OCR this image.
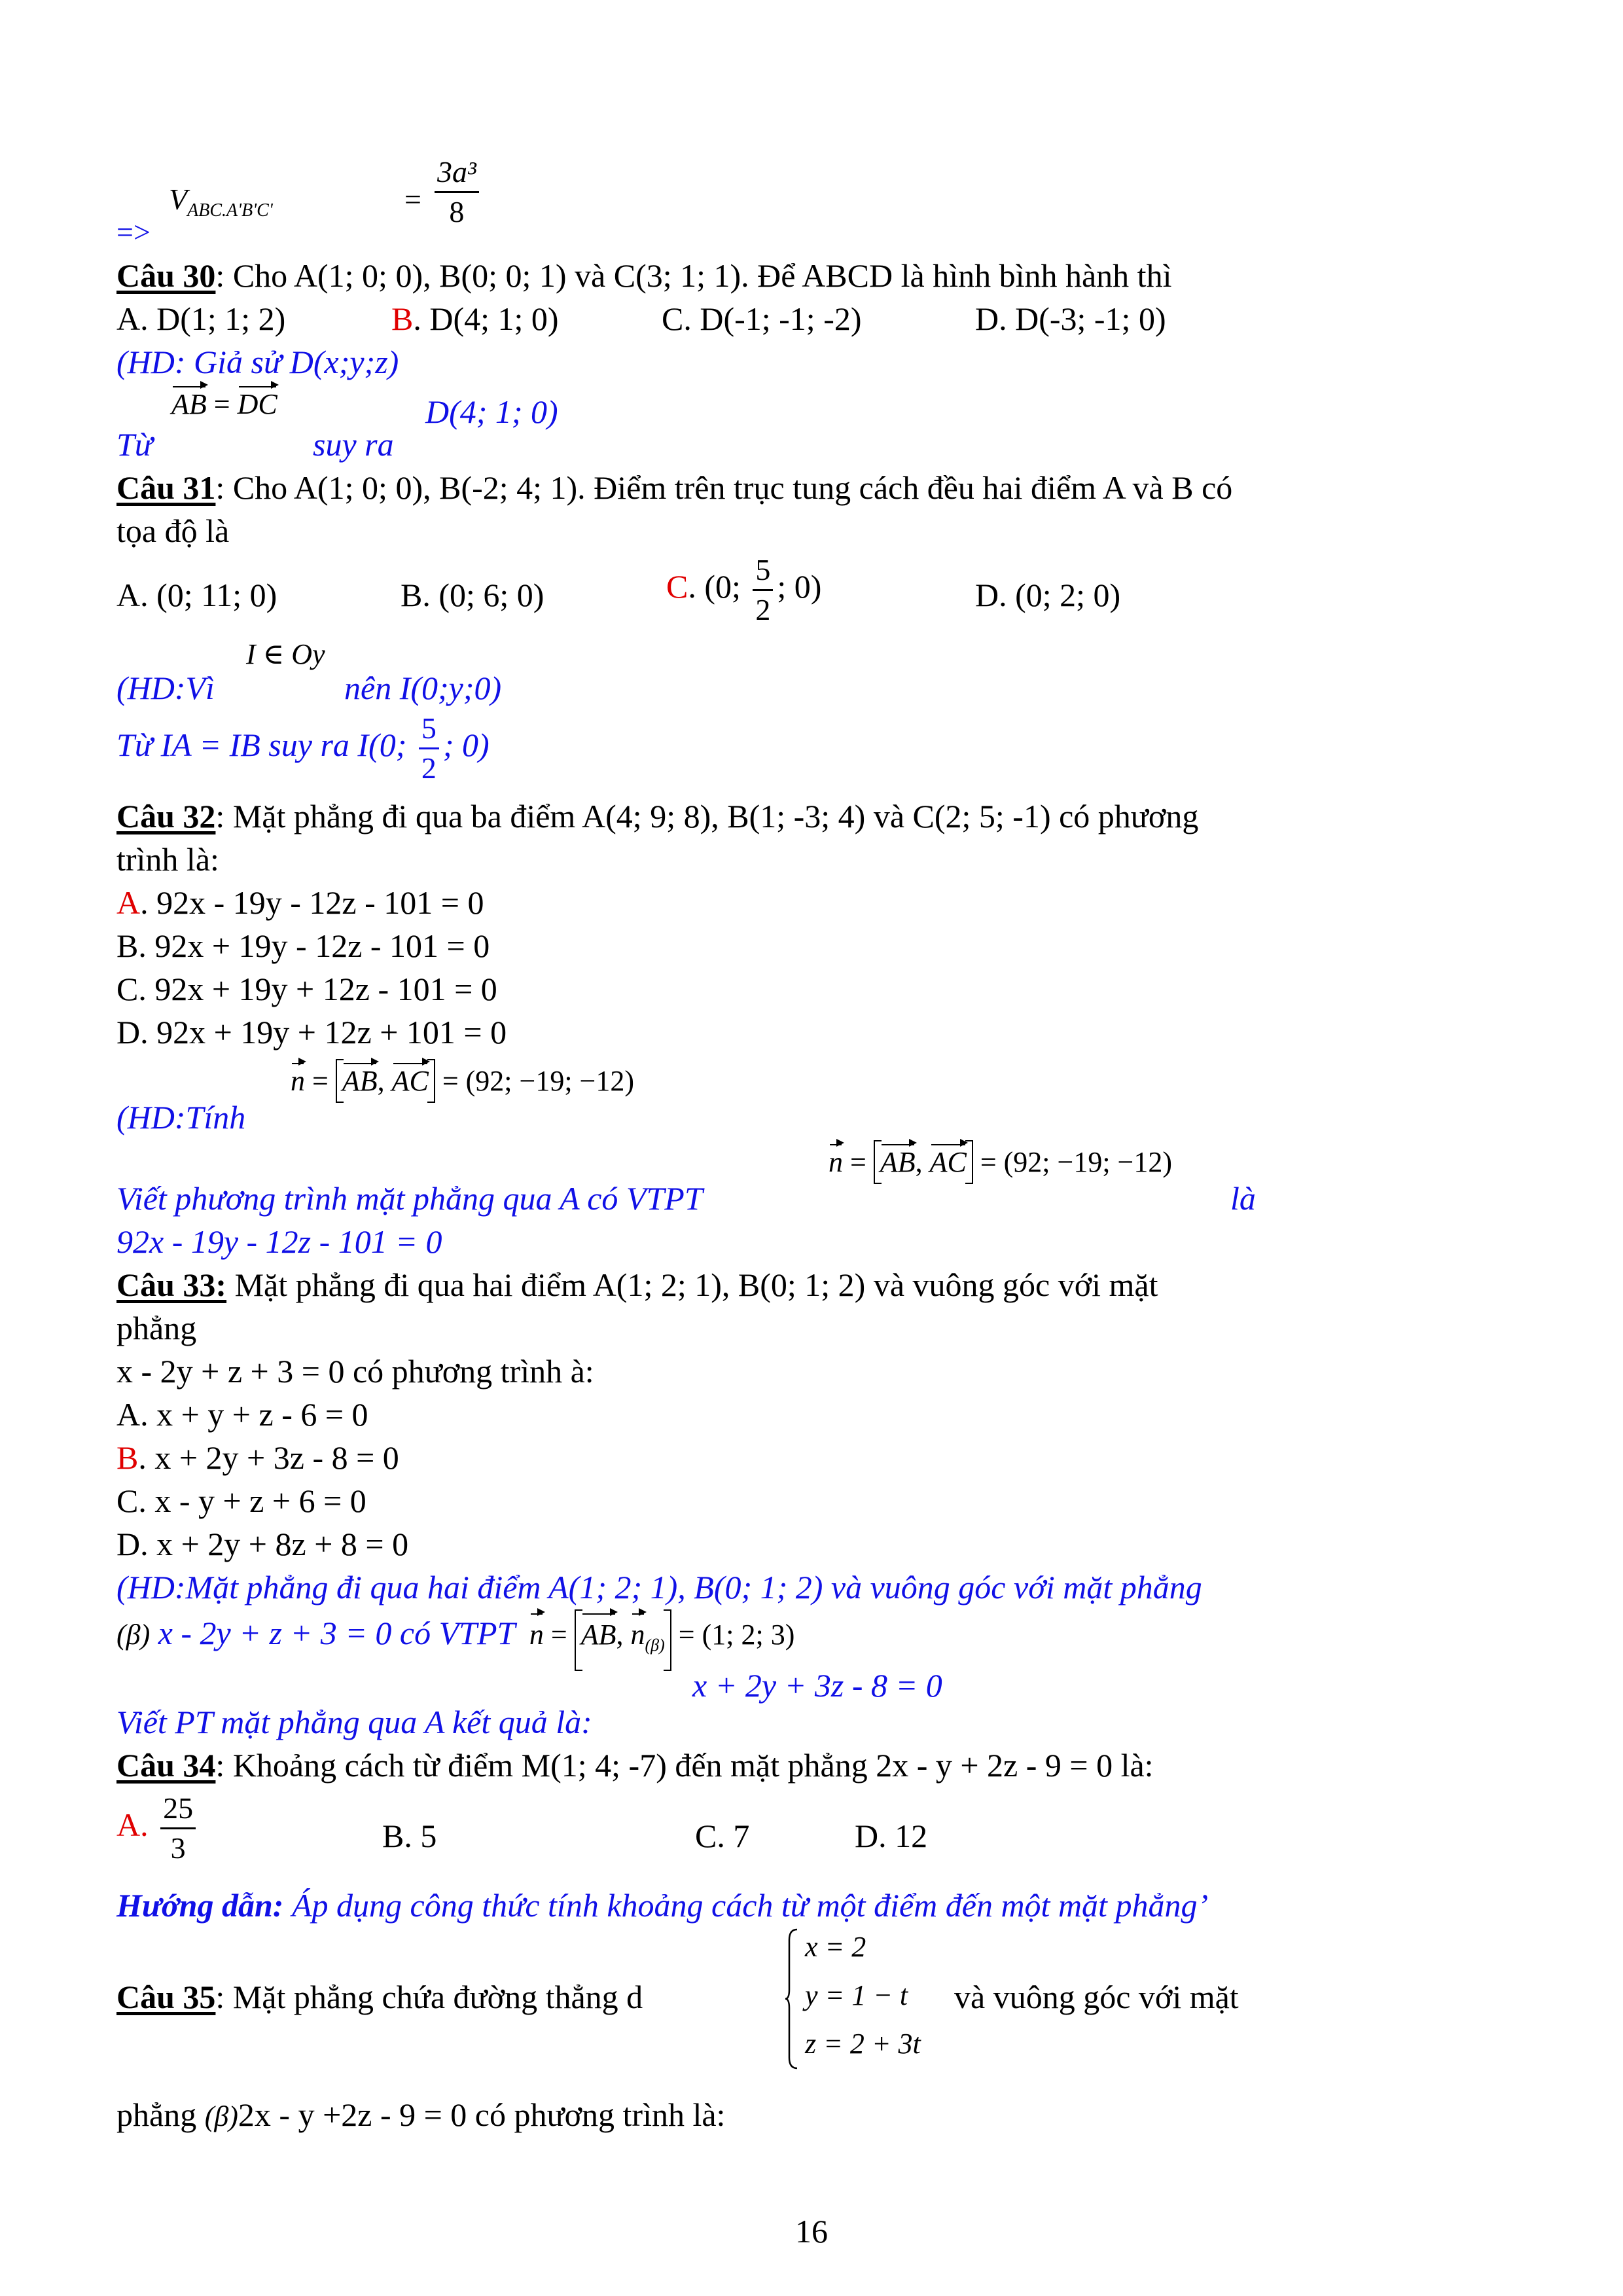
=>
$V_{ABC.A'B'C'}$	= $\frac{\text{3a³}}{8}$
Câu 30: Cho A(1; 0; 0), B(0; 0; 1) và C(3; 1; 1). Để ABCD là hình bình hành thì
A. D(1; 1; 2)	B. D(4; 1; 0)	C. D(-1; -1; -2)	D. D(-3; -1; 0)
(HD: Giả sử D(x;y;z)
AB = DC
Từ	suy ra
D(4; 1; 0)
Câu 31: Cho A(1; 0; 0), B(-2; 4; 1). Điểm trên trục tung cách đều hai điểm A và B có
tọa độ là
A. (0; 11; 0)	B. (0; 6; 0)	C. (0; $\frac{5}{2}$ ; 0)	D. (0; 2; 0)
I ∈ Oy
(HD:Vì	nên I(0;y;0)
Từ IA = IB suy ra I(0; $\frac{5}{2}$ ; 0)
Câu 32: Mặt phẳng đi qua ba điểm A(4; 9; 8), B(1; -3; 4) và C(2; 5; -1) có phương
trình là:
A. 92x - 19y - 12z - 101 = 0
B. 92x + 19y - 12z - 101 = 0
C. 92x + 19y + 12z - 101 = 0
D. 92x + 19y + 12z + 101 = 0
n = AB, AC = (92; −19; −12)
(HD:Tính
n = AB, AC = (92; −19; −12)
Viết phương trình mặt phẳng qua A có VTPT	là
92x - 19y - 12z - 101 = 0
Câu 33: Mặt phẳng đi qua hai điểm A(1; 2; 1), B(0; 1; 2) và vuông góc với mặt
phẳng
x - 2y + z + 3 = 0 có phương trình à:
A. x + y + z - 6 = 0
B. x + 2y + 3z - 8 = 0
C. x - y + z + 6 = 0
D. x + 2y + 8z + 8 = 0
(HD:Mặt phẳng đi qua hai điểm A(1; 2; 1), B(0; 1; 2) và vuông góc với mặt phẳng
(β) x - 2y + z + 3 = 0 có VTPT n = AB, $n_{(\beta)} = (1$; 2; 3)
x + 2y + 3z - 8 = 0
Viết PT mặt phẳng qua A kết quả là:
Câu 34: Khoảng cách từ điểm M(1; 4; -7) đến mặt phẳng 2x - y + 2z - 9 = 0 là:
A. $\frac{25}{3}$	B. 5	C. 7	D. 12
Hướng dẫn: Áp dụng công thức tính khoảng cách từ một điểm đến một mặt phẳng’
Câu 35: Mặt phẳng chứa đường thẳng d	và vuông góc với mặt
x = 2
y = 1 − t
z = 2 + 3t
phẳng (β)2x - y +2z - 9 = 0 có phương trình là:
16
